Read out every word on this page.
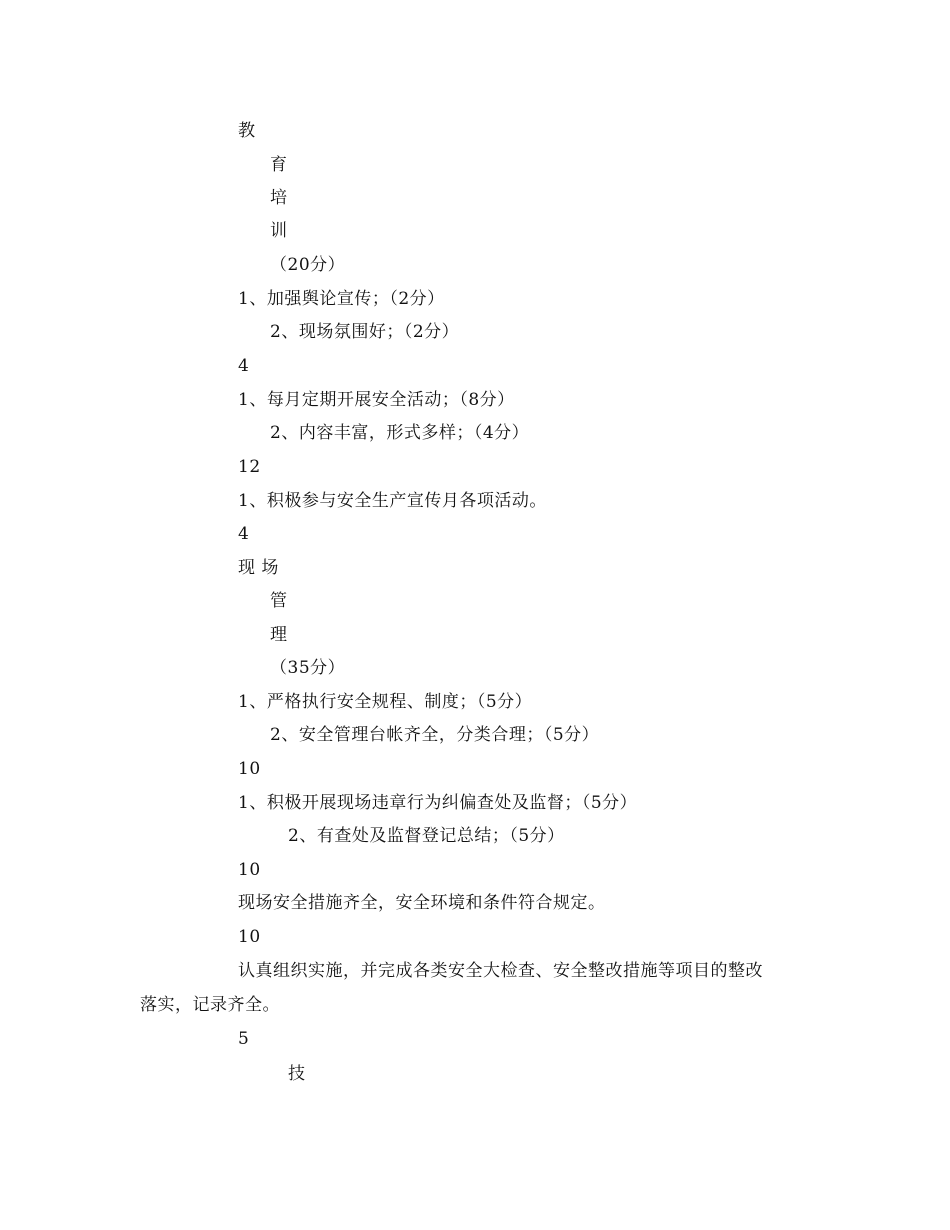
教
育
培
训
（20分）
1、加强舆论宣传；（2分）
2、现场氛围好；（2分）
4
1、每月定期开展安全活动；（8分）
2、内容丰富，形式多样；（4分）
12
1、积极参与安全生产宣传月各项活动。
4
现 场
管
理
（35分）
1、严格执行安全规程、制度；（5分）
2、安全管理台帐齐全，分类合理；（5分）
10
1、积极开展现场违章行为纠偏查处及监督；（5分）
2、有查处及监督登记总结；（5分）
10
现场安全措施齐全，安全环境和条件符合规定。
10
认真组织实施，并完成各类安全大检查、安全整改措施等项目的整改
落实，记录齐全。
5
技
